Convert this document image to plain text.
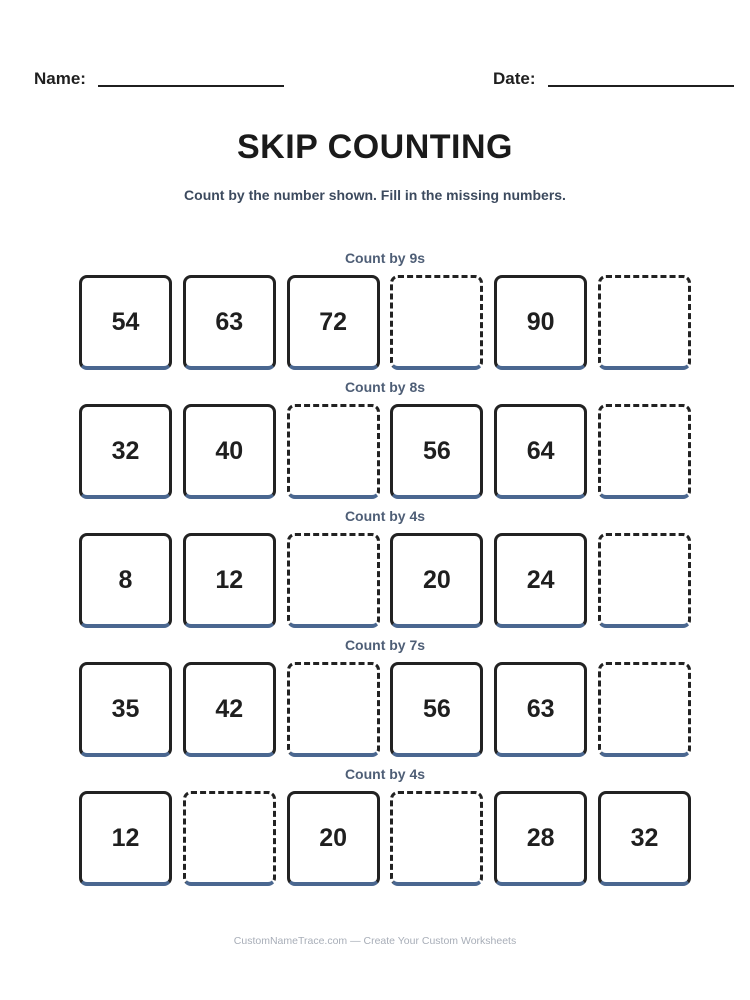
Name:	Date:
SKIP COUNTING
Count by the number shown. Fill in the missing numbers.
Count by 9s
54	63	72	90
Count by 8s
32	40	56	64
Count by 4s
8	12	20	24
Count by 7s
35	42	56	63
Count by 4s
12	20	28	32
CustomNameTrace.com — Create Your Custom Worksheets
